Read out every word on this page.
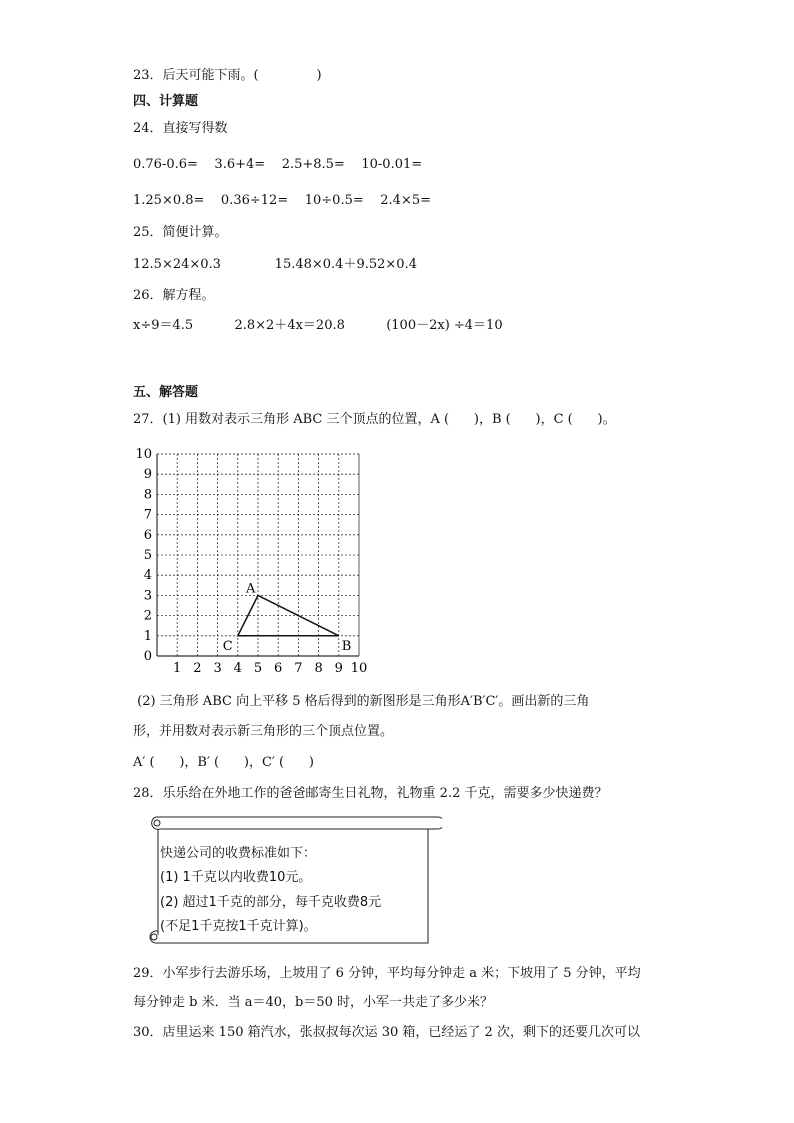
23．后天可能下雨。(              )
四、计算题
24．直接写得数
0.76-0.6=    3.6+4=    2.5+8.5=    10-0.01=
1.25×0.8=    0.36÷12=    10÷0.5=    2.4×5=
25．简便计算。
12.5×24×0.3             15.48×0.4＋9.52×0.4
26．解方程。
x÷9＝4.5          2.8×2＋4x＝20.8          (100－2x) ÷4＝10
五、解答题
27．(1) 用数对表示三角形 ABC 三个顶点的位置，A (      )，B (      )，C (      )。
1 2 3 4 5 6 7 8 9 10
0
1
2
3
4
5
6
7
8
9
10
A
B
C
(2) 三角形 ABC 向上平移 5 格后得到的新图形是三角形A′B′C′。画出新的三角
形，并用数对表示新三角形的三个顶点位置。
A′ (      )，B′ (      )，C′ (      )
28．乐乐给在外地工作的爸爸邮寄生日礼物，礼物重 2.2 千克，需要多少快递费？
快递公司的收费标准如下：
(1) 1千克以内收费10元。
(2) 超过1千克的部分，每千克收费8元
(不足1千克按1千克计算)。
29．小军步行去游乐场，上坡用了 6 分钟，平均每分钟走 a 米；下坡用了 5 分钟，平均
每分钟走 b 米．当 a＝40，b＝50 时，小军一共走了多少米？
30．店里运来 150 箱汽水，张叔叔每次运 30 箱，已经运了 2 次，剩下的还要几次可以
